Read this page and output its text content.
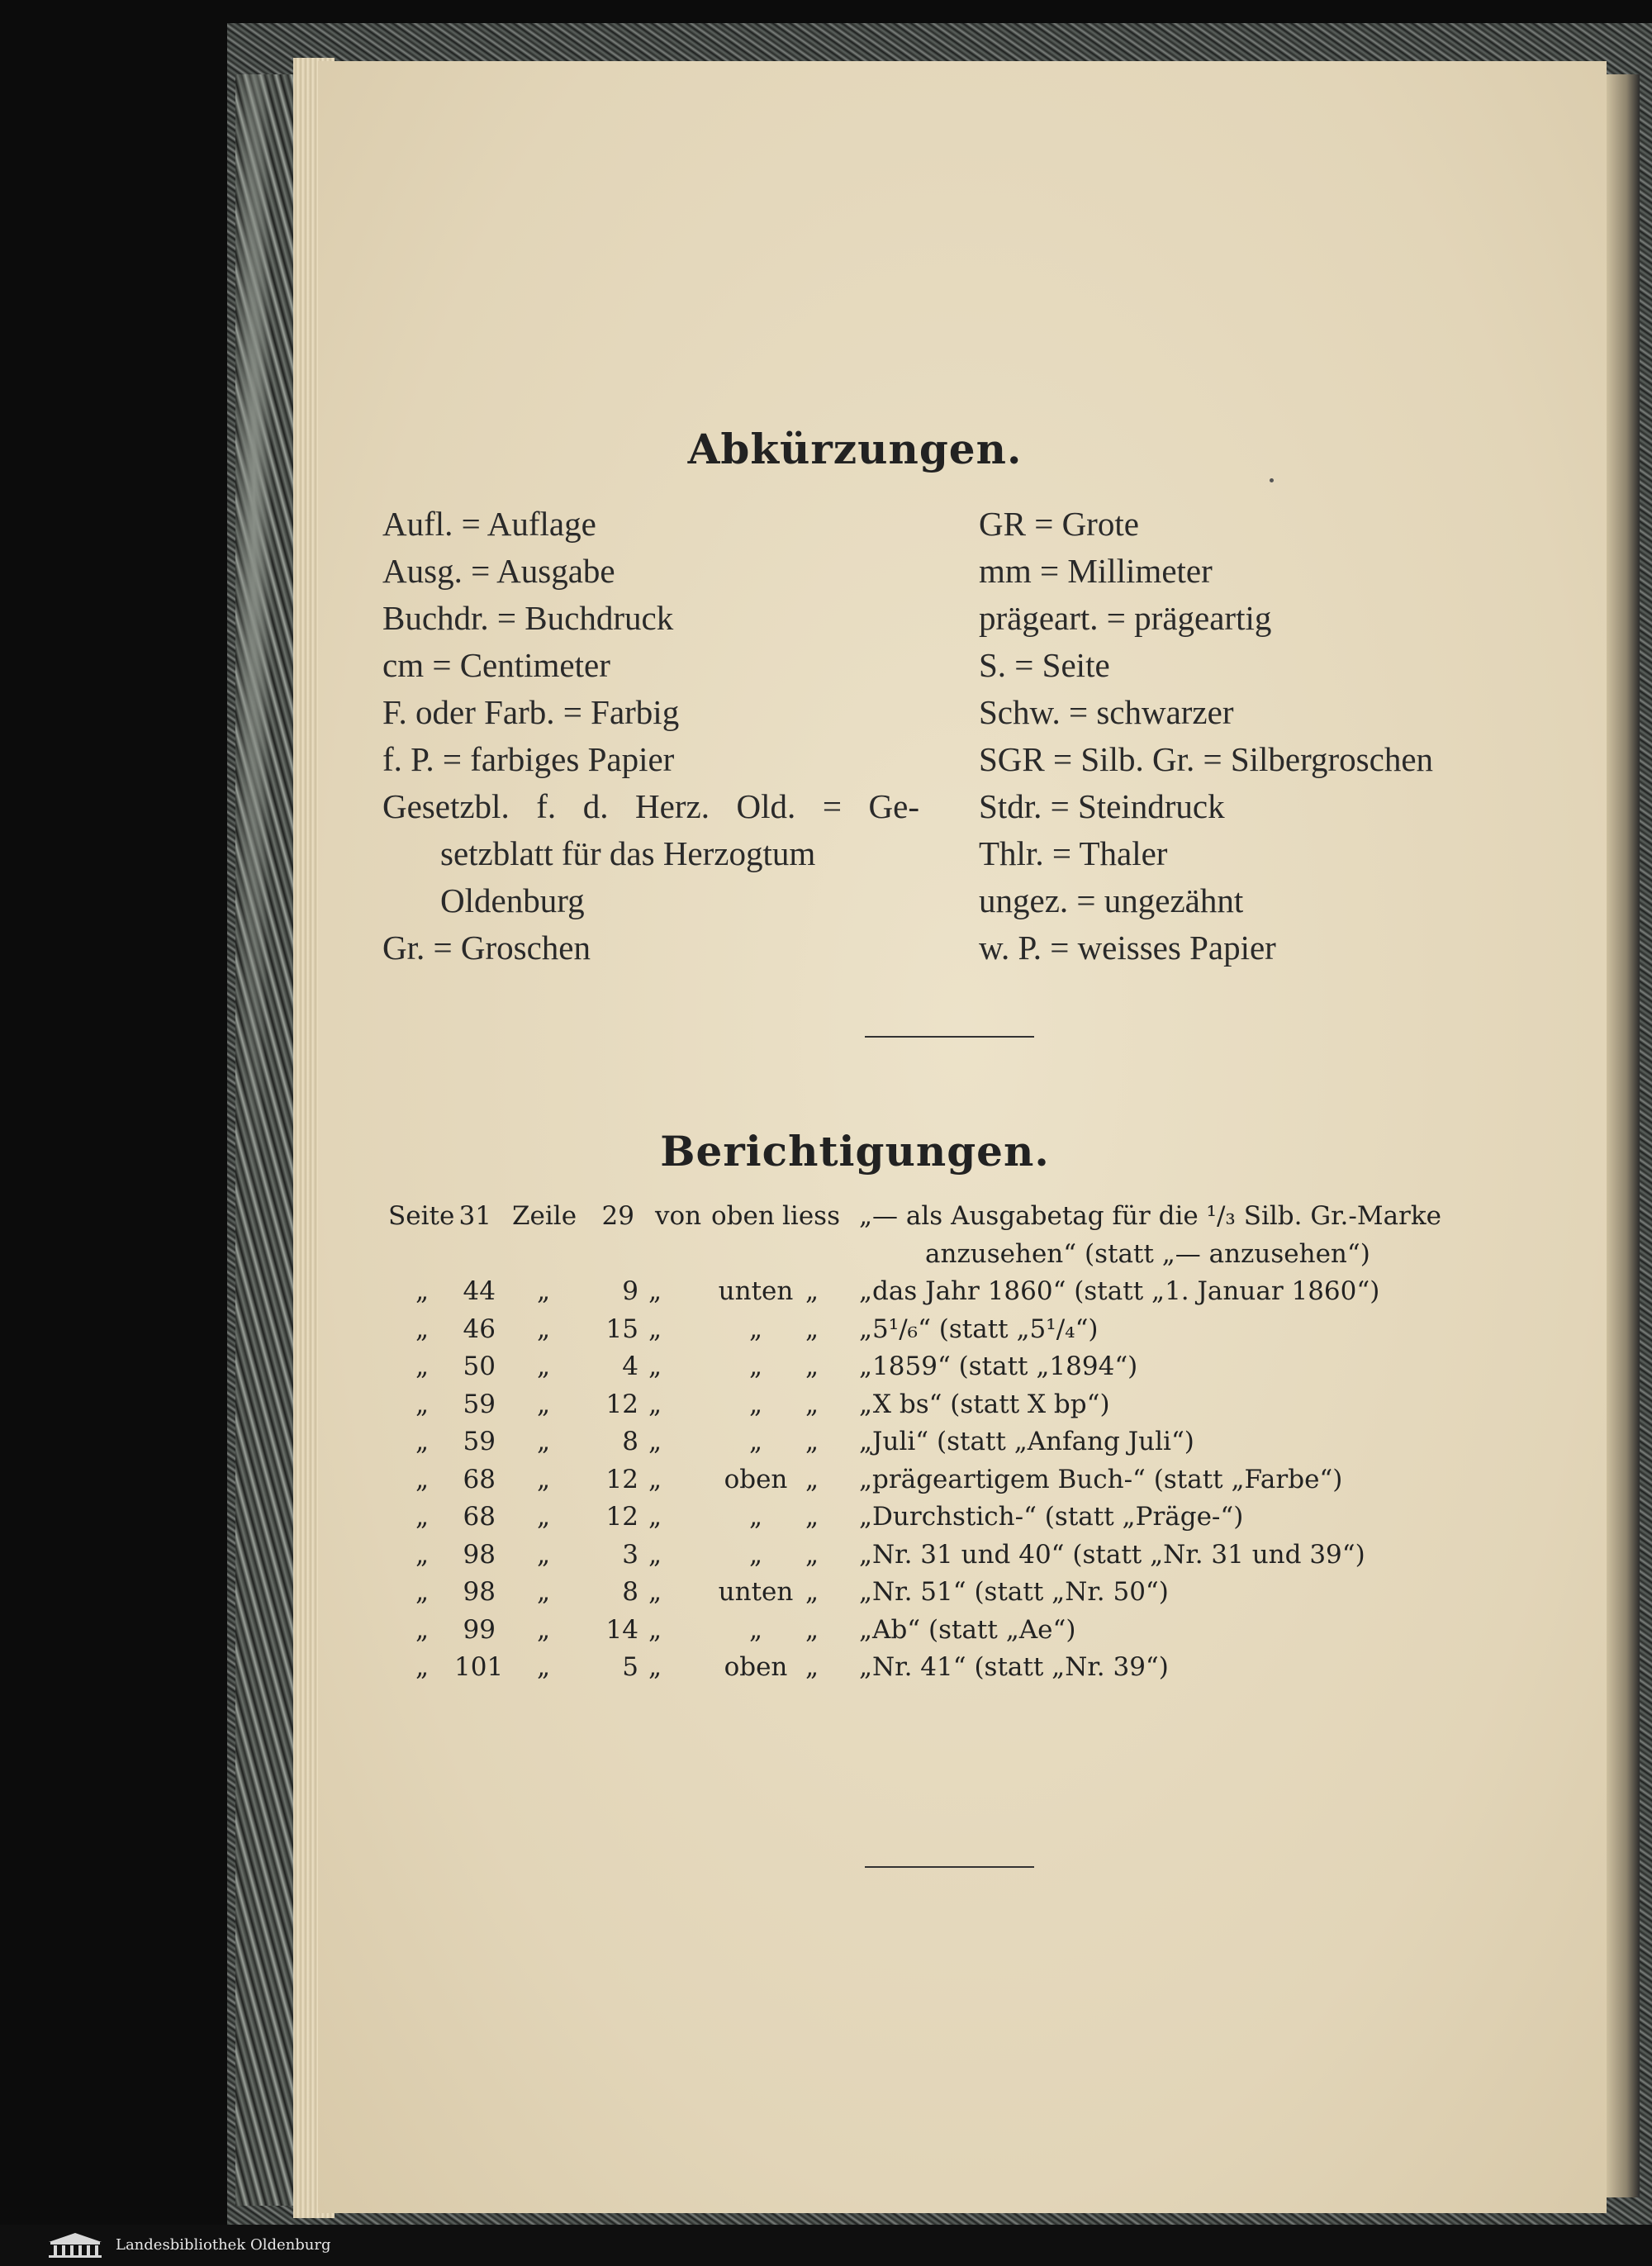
Abkürzungen.
Aufl. = Auflage
Ausg. = Ausgabe
Buchdr. = Buchdruck
cm = Centimeter
F. oder Farb. = Farbig
f. P. = farbiges Papier
Gesetzbl. f. d. Herz. Old. = Ge-
setzblatt für das Herzogtum
Oldenburg
Gr. = Groschen
GR = Grote
mm = Millimeter
prägeart. = prägeartig
S. = Seite
Schw. = schwarzer
SGR = Silb. Gr. = Silbergroschen
Stdr. = Steindruck
Thlr. = Thaler
ungez. = ungezähnt
w. P. = weisses Papier
Berichtigungen.
Seite 31 Zeile 29 von oben liess „— als Ausgabetag für die ¹/₃ Silb. Gr.-Marke
anzusehen“ (statt „— anzusehen“)
„	44 „	9 „	unten „ „das Jahr 1860“ (statt „1. Januar 1860“)
„	46 „	15 „	„	„ „5¹/₆“ (statt „5¹/₄“)
„	50 „	4 „	„	„ „1859“ (statt „1894“)
„	59 „	12 „	„	„ „X bs“ (statt X bp“)
„	59 „	8 „	„	„ „Juli“ (statt „Anfang Juli“)
„	68 „	12 „	oben „ „prägeartigem Buch-“ (statt „Farbe“)
„	68 „	12 „	„	„ „Durchstich-“ (statt „Präge-“)
„	98 „	3 „	„	„ „Nr. 31 und 40“ (statt „Nr. 31 und 39“)
„	98 „	8 „	unten „ „Nr. 51“ (statt „Nr. 50“)
„	99 „	14 „	„	„ „Ab“ (statt „Ae“)
„ 101 „	5 „	oben „ „Nr. 41“ (statt „Nr. 39“)
Landesbibliothek Oldenburg
